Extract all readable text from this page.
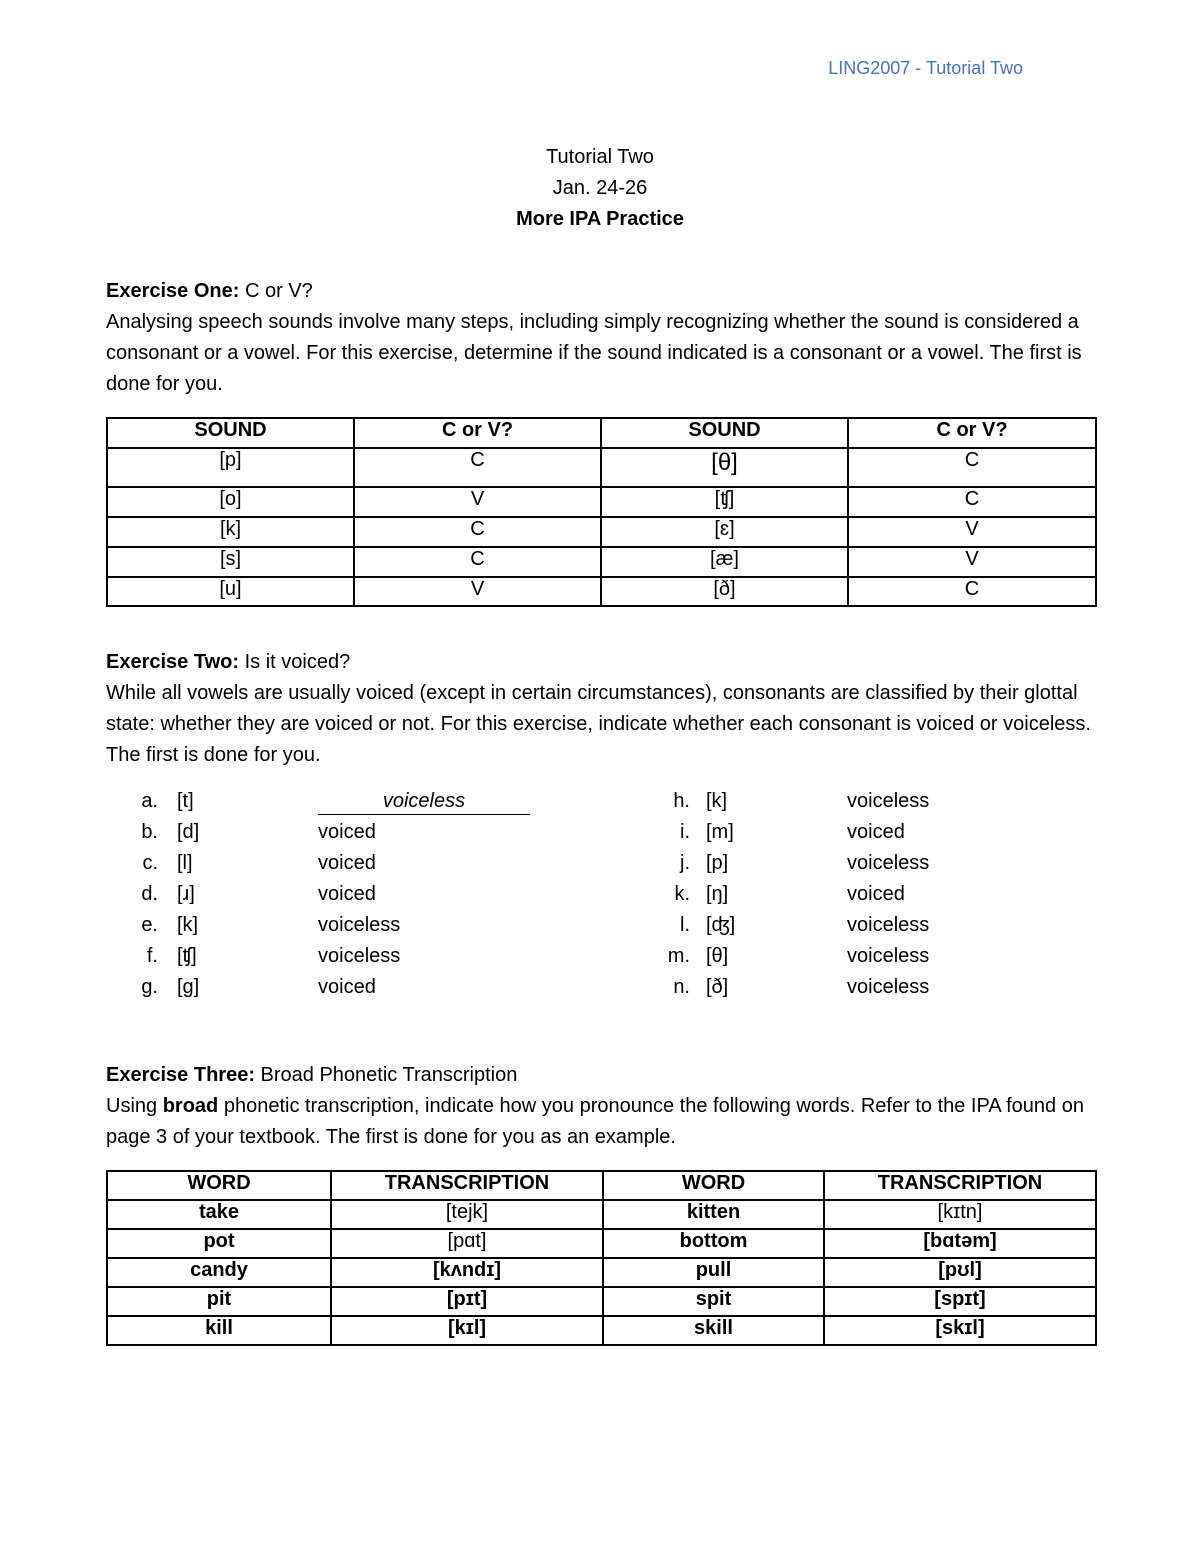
LING2007 - Tutorial Two
Tutorial Two
Jan. 24-26
More IPA Practice

Exercise One: C or V?

Analysing speech sounds involve many steps, including simply recognizing whether the sound is considered a consonant or a vowel. For this exercise, determine if the sound indicated is a consonant or a vowel. The first is done for you.

SOUND	C or V?	SOUND	C or V?
[p]	C	[θ]	C
[o]	V	[ʧ]	C
[k]	C	[ɛ]	V
[s]	C	[æ]	V
[u]	V	[ð]	C

Exercise Two: Is it voiced?

While all vowels are usually voiced (except in certain circumstances), consonants are classified by their glottal state: whether they are voiced or not. For this exercise, indicate whether each consonant is voiced or voiceless. The first is done for you.

a. [t]	voiceless
b. [d]	voiced
c. [l]	voiced
d. [ɹ]	voiced
e. [k]	voiceless
f. [ʧ]	voiceless
g. [g]	voiced
h. [k]	voiceless
i. [m]	voiced
j. [p]	voiceless
k. [ŋ]	voiced
l. [ʤ]	voiceless
m. [θ]	voiceless
n. [ð]	voiceless

Exercise Three: Broad Phonetic Transcription

Using broad phonetic transcription, indicate how you pronounce the following words. Refer to the IPA found on page 3 of your textbook. The first is done for you as an example.

WORD	TRANSCRIPTION	WORD	TRANSCRIPTION
take	[tejk]	kitten	[kɪtn]
pot	[pɑt]	bottom	[bɑtəm]
candy	[kʌndɪ]	pull	[pʊl]
pit	[pɪt]	spit	[spɪt]
kill	[kɪl]	skill	[skɪl]
